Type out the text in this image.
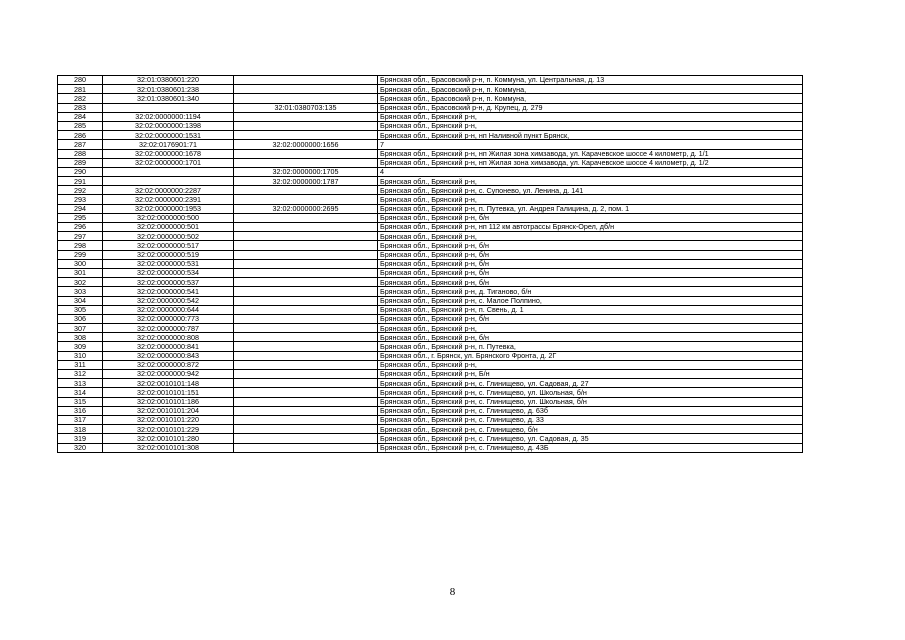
280	32:01:0380601:220		Брянская обл., Брасовский р-н, п. Коммуна, ул. Центральная, д. 13
281	32:01:0380601:238		Брянская обл., Брасовский р-н, п. Коммуна,
282	32:01:0380601:340		Брянская обл., Брасовский р-н, п. Коммуна,
283		32:01:0380703:135	Брянская обл., Брасовский р-н, д. Крупец, д. 279
284	32:02:0000000:1194		Брянская обл., Брянский р-н,
285	32:02:0000000:1398		Брянская обл., Брянский р-н,
286	32:02:0000000:1531		Брянская обл., Брянский р-н, нп Наливной пункт Брянск,
287	32:02:0176901:71	32:02:0000000:1656	7
288	32:02:0000000:1678		Брянская обл., Брянский р-н, нп Жилая зона химзавода, ул. Карачевское шоссе 4 километр, д. 1/1
289	32:02:0000000:1701		Брянская обл., Брянский р-н, нп Жилая зона химзавода, ул. Карачевское шоссе 4 километр, д. 1/2
290		32:02:0000000:1705	4
291		32:02:0000000:1787	Брянская обл., Брянский р-н,
292	32:02:0000000:2287		Брянская обл., Брянский р-н, с. Супонево, ул. Ленина, д. 141
293	32:02:0000000:2391		Брянская обл., Брянский р-н,
294	32:02:0000000:1953	32:02:0000000:2695	Брянская обл., Брянский р-н, п. Путевка, ул. Андрея Галицина, д. 2, пом. 1
295	32:02:0000000:500		Брянская обл., Брянский р-н, б/н
296	32:02:0000000:501		Брянская обл., Брянский р-н, нп 112 км автотрассы Брянск-Орел, дб/н
297	32:02:0000000:502		Брянская обл., Брянский р-н,
298	32:02:0000000:517		Брянская обл., Брянский р-н, б/н
299	32:02:0000000:519		Брянская обл., Брянский р-н, б/н
300	32:02:0000000:531		Брянская обл., Брянский р-н, б/н
301	32:02:0000000:534		Брянская обл., Брянский р-н, б/н
302	32:02:0000000:537		Брянская обл., Брянский р-н, б/н
303	32:02:0000000:541		Брянская обл., Брянский р-н, д. Тиганово, б/н
304	32:02:0000000:542		Брянская обл., Брянский р-н, с. Малое Полпино,
305	32:02:0000000:644		Брянская обл., Брянский р-н, п. Свень, д. 1
306	32:02:0000000:773		Брянская обл., Брянский р-н, б/н
307	32:02:0000000:787		Брянская обл., Брянский р-н,
308	32:02:0000000:808		Брянская обл., Брянский р-н, б/н
309	32:02:0000000:841		Брянская обл., Брянский р-н, п. Путевка,
310	32:02:0000000:843		Брянская обл., г. Брянск, ул. Брянского Фронта, д. 2Г
311	32:02:0000000:872		Брянская обл., Брянский р-н,
312	32:02:0000000:942		Брянская обл., Брянский р-н, Б/н
313	32:02:0010101:148		Брянская обл., Брянский р-н, с. Глинищево, ул. Садовая, д. 27
314	32:02:0010101:151		Брянская обл., Брянский р-н, с. Глинищево, ул. Школьная, б/н
315	32:02:0010101:186		Брянская обл., Брянский р-н, с. Глинищево, ул. Школьная, б/н
316	32:02:0010101:204		Брянская обл., Брянский р-н, с. Глинищево, д. 63б
317	32:02:0010101:220		Брянская обл., Брянский р-н, с. Глинищево, д. 33
318	32:02:0010101:229		Брянская обл., Брянский р-н, с. Глинищево, б/н
319	32:02:0010101:280		Брянская обл., Брянский р-н, с. Глинищево, ул. Садовая, д. 35
320	32:02:0010101:308		Брянская обл., Брянский р-н, с. Глинищево, д. 43Б
8
